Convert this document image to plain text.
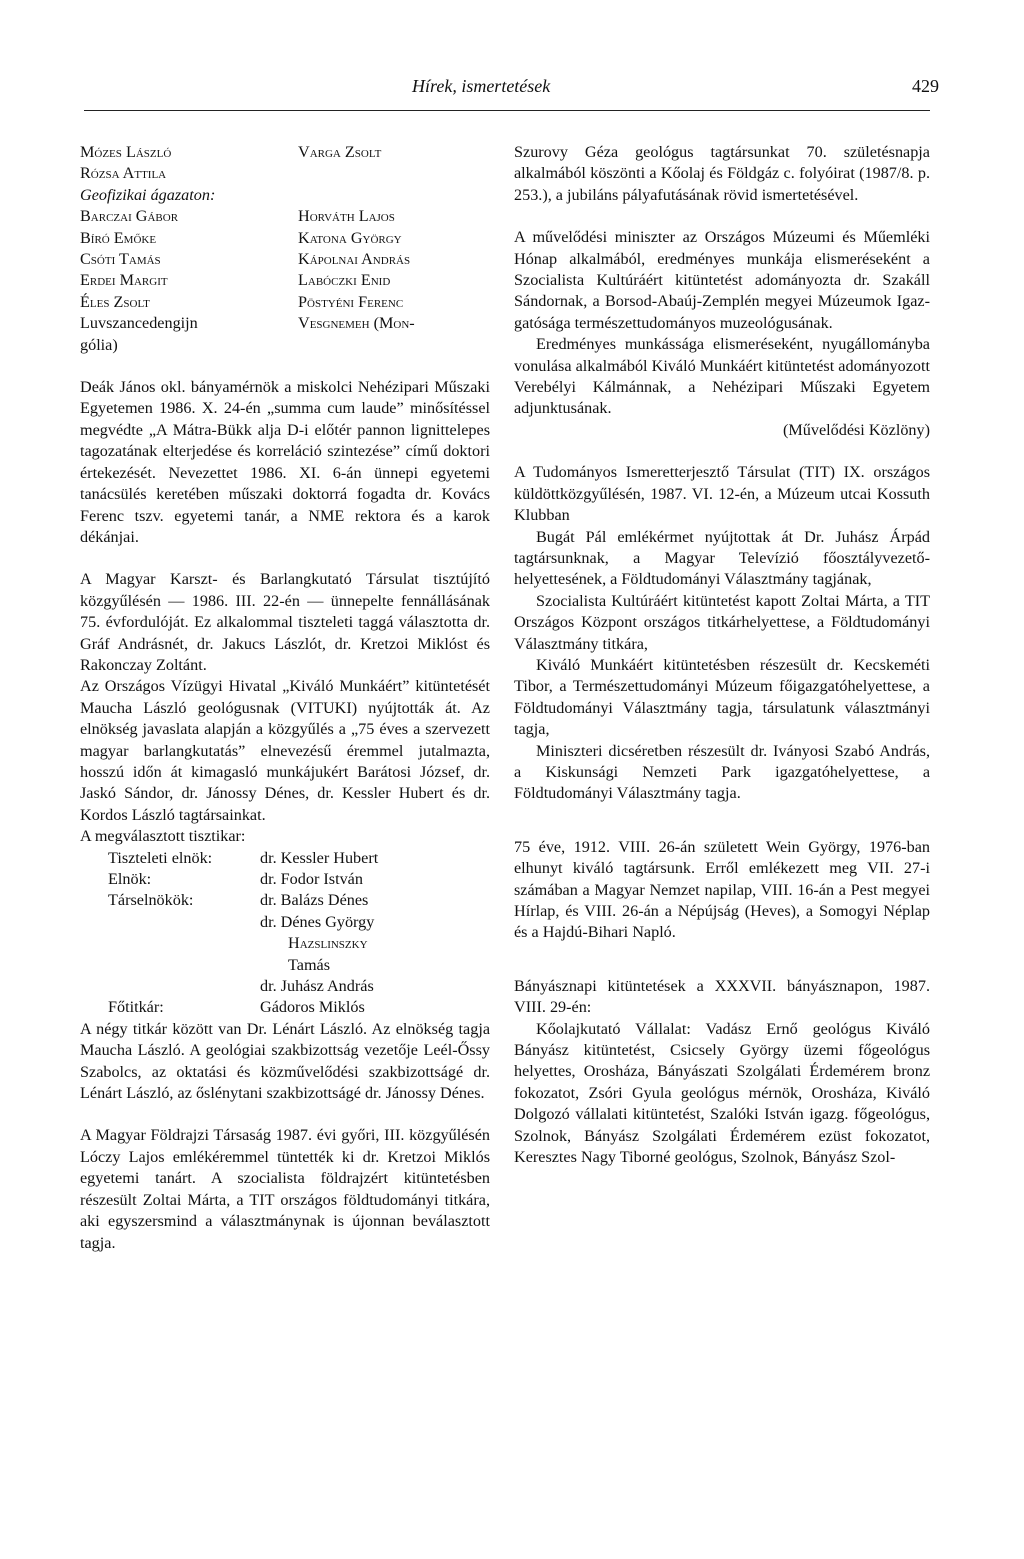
Hírek, ismertetések	429
Mózes László	Varga Zsolt
Rózsa Attila
Geofizikai ágazaton:
Barczai Gábor	Horváth Lajos
Bíró Emőke	Katona György
Csóti Tamás	Kápolnai András
Erdei Margit	Labóczki Enid
Éles Zsolt	Pöstyéni Ferenc
Luvszancedengijn	Vesgnemeh (Mon-
gólia)

Deák János okl. bányamérnök a miskolci Nehézipari Műszaki Egyetemen 1986. X. 24-én „summa cum laude” minősítéssel megvédte „A Mátra-Bükk alja D-i előtér pannon lignittelepes tagozatának elterjedése és korreláció szintezése” című doktori értekezését. Nevezettet 1986. XI. 6-án ünnepi egyetemi tanácsülés keretében műszaki doktorrá fogadta dr. Kovács Ferenc tszv. egyetemi tanár, a NME rektora és a karok dékánjai.

A Magyar Karszt- és Barlangkutató Társulat tisztújító közgyűlésén — 1986. III. 22-én — ünnepelte fennállásának 75. évfordulóját. Ez alkalommal tiszteleti taggá választotta dr. Gráf Andrásnét, dr. Jakucs Lászlót, dr. Kretzoi Miklóst és Rakonczay Zoltánt.

Az Országos Vízügyi Hivatal „Kiváló Munkáért” kitüntetését Maucha László geológusnak (VITUKI) nyújtották át. Az elnökség javaslata alapján a közgyűlés a „75 éves a szervezett magyar barlangkutatás” elnevezésű éremmel jutalmazta, hosszú időn át kimagasló munkájukért Barátosi József, dr. Jaskó Sándor, dr. Jánossy Dénes, dr. Kessler Hubert és dr. Kordos László tagtársainkat.

A megválasztott tisztikar:

Tiszteleti elnök:	dr. Kessler Hubert
Elnök:	dr. Fodor István
Társelnökök:	dr. Balázs Dénes
dr. Dénes György
Hazslinszky
Tamás
dr. Juhász András
Főtitkár:	Gádoros Miklós

A négy titkár között van Dr. Lénárt László. Az elnökség tagja Maucha László. A geológiai szakbizottság vezetője Leél-Őssy Szabolcs, az oktatási és közművelődési szakbizottságé dr. Lénárt László, az őslénytani szakbizottságé dr. Jánossy Dénes.

A Magyar Földrajzi Társaság 1987. évi győri, III. közgyűlésén Lóczy Lajos emlékéremmel tüntették ki dr. Kretzoi Miklós egyetemi tanárt. A szocialista földrajzért kitüntetésben részesült Zoltai Márta, a TIT országos földtudományi titkára, aki egyszersmind a választmánynak is újonnan beválasztott tagja.

Szurovy Géza geológus tagtársunkat 70. születésnapja alkalmából köszönti a Kőolaj és Földgáz c. folyóirat (1987/8. p. 253.), a jubiláns pályafutásának rövid ismertetésével.

A művelődési miniszter az Országos Múzeumi és Műemléki Hónap alkalmából, eredményes munkája elismeréseként a Szocialista Kultúráért kitüntetést adományozta dr. Szakáll Sándornak, a Borsod-Abaúj-Zemplén megyei Múzeumok Igazgatósága természettudományos muzeológusának.

Eredményes munkássága elismeréseként, nyugállományba vonulása alkalmából Kiváló Munkáért kitüntetést adományozott Verebélyi Kálmánnak, a Nehézipari Műszaki Egyetem adjunktusának.

(Művelődési Közlöny)

A Tudományos Ismeretterjesztő Társulat (TIT) IX. országos küldöttközgyűlésén, 1987. VI. 12-én, a Múzeum utcai Kossuth Klubban

Bugát Pál emlékérmet nyújtottak át Dr. Juhász Árpád tagtársunknak, a Magyar Televízió főosztályvezető-helyettesének, a Földtudományi Választmány tagjának,

Szocialista Kultúráért kitüntetést kapott Zoltai Márta, a TIT Országos Központ országos titkárhelyettese, a Földtudományi Választmány titkára,

Kiváló Munkáért kitüntetésben részesült dr. Kecskeméti Tibor, a Természettudományi Múzeum főigazgatóhelyettese, a Földtudományi Választmány tagja, társulatunk választmányi tagja,

Miniszteri dicséretben részesült dr. Iványosi Szabó András, a Kiskunsági Nemzeti Park igazgatóhelyettese, a Földtudományi Választmány tagja.

75 éve, 1912. VIII. 26-án született Wein György, 1976-ban elhunyt kiváló tagtársunk. Erről emlékezett meg VII. 27-i számában a Magyar Nemzet napilap, VIII. 16-án a Pest megyei Hírlap, és VIII. 26-án a Népújság (Heves), a Somogyi Néplap és a Hajdú-Bihari Napló.

Bányásznapi kitüntetések a XXXVII. bányásznapon, 1987. VIII. 29-én:

Kőolajkutató Vállalat: Vadász Ernő geológus Kiváló Bányász kitüntetést, Csicsely György üzemi főgeológus helyettes, Orosháza, Bányászati Szolgálati Érdemérem bronz fokozatot, Zsóri Gyula geológus mérnök, Orosháza, Kiváló Dolgozó vállalati kitüntetést, Szalóki István igazg. főgeológus, Szolnok, Bányász Szolgálati Érdemérem ezüst fokozatot, Keresztes Nagy Tiborné geológus, Szolnok, Bányász Szol-
